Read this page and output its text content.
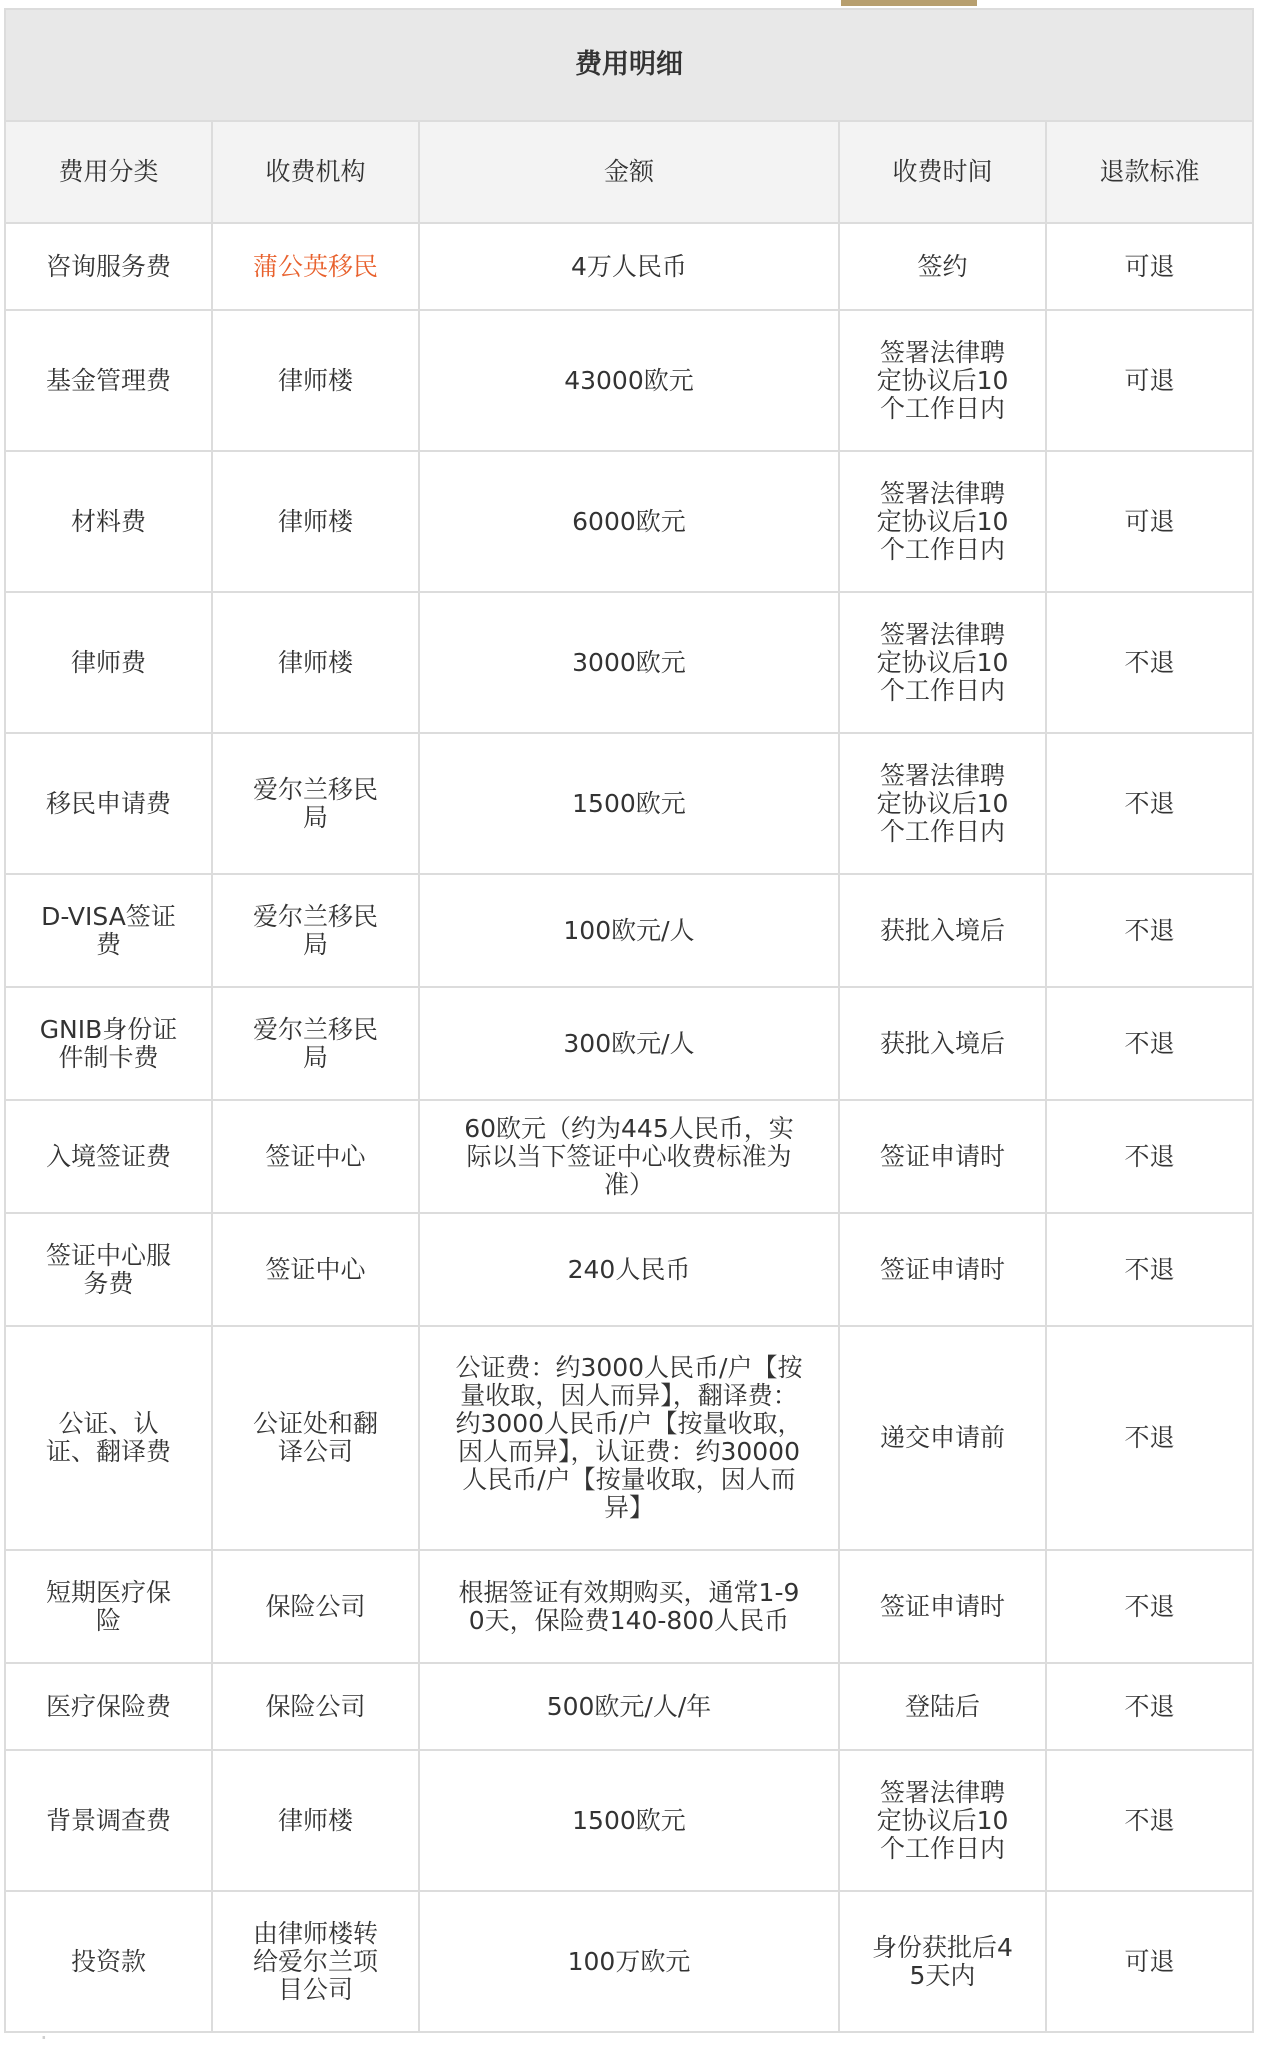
费用明细				
费用分类	收费机构	金额	收费时间	退款标准
咨询服务费	蒲公英移民	4万人民币	签约	可退
基金管理费	律师楼	43000欧元	签署法律聘定协议后10个工作日内	可退
材料费	律师楼	6000欧元	签署法律聘定协议后10个工作日内	可退
律师费	律师楼	3000欧元	签署法律聘定协议后10个工作日内	不退
移民申请费	爱尔兰移民局	1500欧元	签署法律聘定协议后10个工作日内	不退
D-VISA签证费	爱尔兰移民局	100欧元/人	获批入境后	不退
GNIB身份证件制卡费	爱尔兰移民局	300欧元/人	获批入境后	不退
入境签证费	签证中心	60欧元（约为445人民币，实际以当下签证中心收费标准为准）	签证申请时	不退
签证中心服务费	签证中心	240人民币	签证申请时	不退
公证、认证、翻译费	公证处和翻译公司	公证费：约3000人民币/户【按量收取，因人而异】，翻译费：约3000人民币/户【按量收取，因人而异】，认证费：约30000人民币/户【按量收取，因人而异】	递交申请前	不退
短期医疗保险	保险公司	根据签证有效期购买，通常1-90天，保险费140-800人民币	签证申请时	不退
医疗保险费	保险公司	500欧元/人/年	登陆后	不退
背景调查费	律师楼	1500欧元	签署法律聘定协议后10个工作日内	不退
投资款	由律师楼转给爱尔兰项目公司	100万欧元	身份获批后45天内	可退
·
